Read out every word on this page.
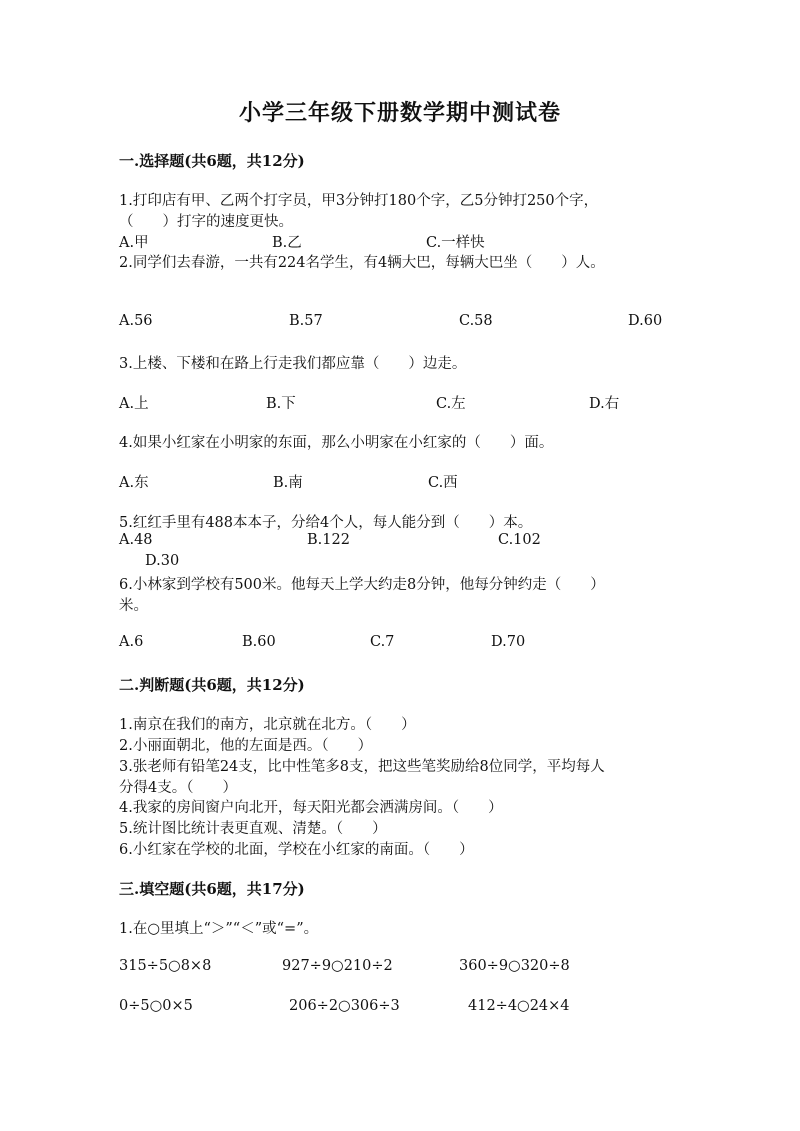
小学三年级下册数学期中测试卷
一.选择题(共6题，共12分)
1.打印店有甲、乙两个打字员，甲3分钟打180个字，乙5分钟打250个字，
（　　）打字的速度更快。
A.甲	B.乙	C.一样快
2.同学们去春游，一共有224名学生，有4辆大巴，每辆大巴坐（　　）人。
A.56	B.57	C.58	D.60
3.上楼、下楼和在路上行走我们都应靠（　　）边走。
A.上	B.下	C.左	D.右
4.如果小红家在小明家的东面，那么小明家在小红家的（　　）面。
A.东	B.南	C.西
5.红红手里有488本本子，分给4个人，每人能分到（　　）本。
A.48	B.122	C.102
D.30
6.小林家到学校有500米。他每天上学大约走8分钟，他每分钟约走（　　）
米。
A.6	B.60	C.7	D.70
二.判断题(共6题，共12分)
1.南京在我们的南方，北京就在北方。（　　）
2.小丽面朝北，他的左面是西。（　　）
3.张老师有铅笔24支，比中性笔多8支，把这些笔奖励给8位同学，平均每人
分得4支。（　　）
4.我家的房间窗户向北开，每天阳光都会洒满房间。（　　）
5.统计图比统计表更直观、清楚。（　　）
6.小红家在学校的北面，学校在小红家的南面。（　　）
三.填空题(共6题，共17分)
1.在○里填上“＞”“＜”或“=”。
315÷5○8×8	927÷9○210÷2	360÷9○320÷8
0÷5○0×5	206÷2○306÷3	412÷4○24×4
